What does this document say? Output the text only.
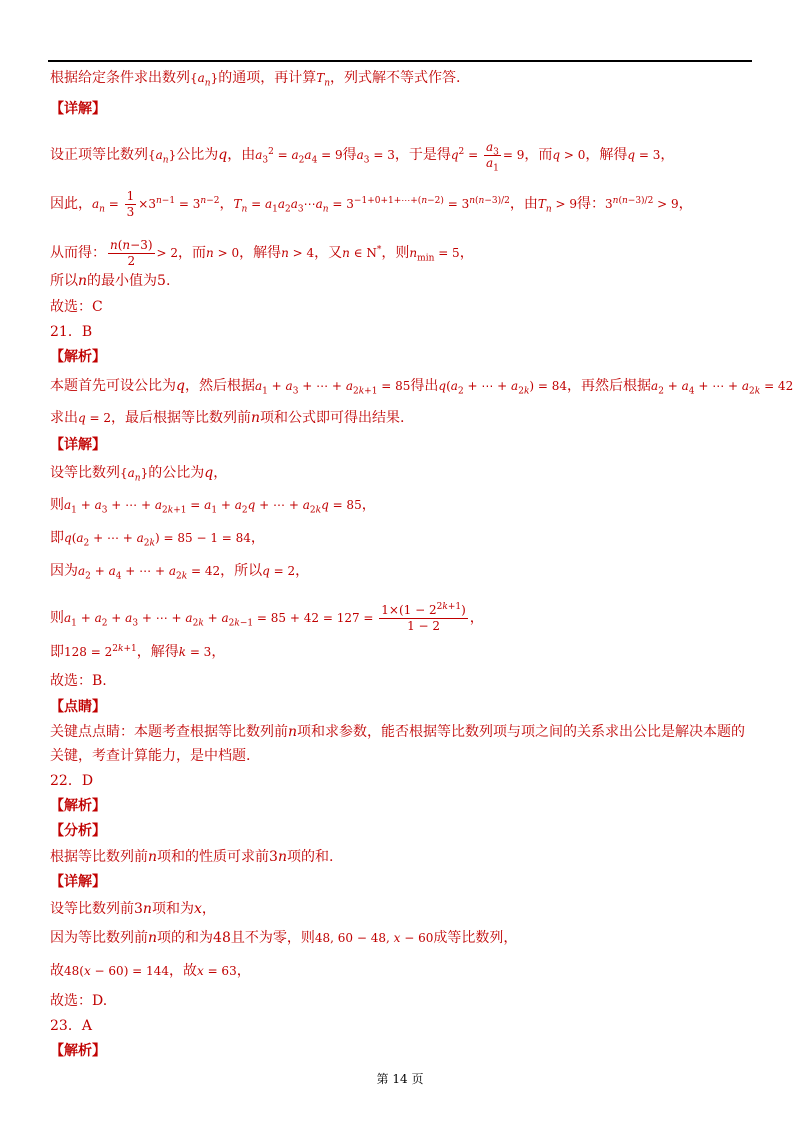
根据给定条件求出数列$\{a_n\}$的通项，再计算$T_n$，列式解不等式作答.
【详解】
设正项等比数列$\{a_n\}$公比为q，由$a_3^2 = a_2a_4 = 9$得$a_3 = 3$，于是得$q^2 = \frac{a_3}{a_1} = 9$，而q > 0，解得q = 3，
因此，$a_n = \frac{1}{3} \times 3^{n-1} = 3^{n-2}$，$T_n$ = $a_1a_2a_3\cdots a_n = 3^{-1+0+1+\cdots+(n-2)} = 3^{n(n-3)/2}$，由$T_n > 9$得：$3^{n(n-3)/2} > 9$，
从而得： $\frac{n(n-3)}{2} > 2$，而n > 0，解得n > 4，又n ∈ N*，则$n_{min} = 5$，
所以n的最小值为5.
故选：C
21．B
【解析】
本题首先可设公比为q，然后根据$a_1 + a_3$ + ⋯ + $a_{2k+1} = 85$得出$q(a_2$ + ⋯ + $a_{2k}) = 84$，再然后根据$a_2 + a_4$ + ⋯ + $a_{2k} = 42$
求出q = 2，最后根据等比数列前n项和公式即可得出结果.
【详解】
设等比数列$\{a_n\}$的公比为q，
则$a_1 + a_3$ + ⋯ + $a_{2k+1} = a_1 + a_2q$ + ⋯ + $a_{2k}q = 85$，
即$q(a_2$ + ⋯ + $a_{2k}) = 85 - 1 = 84$，
因为$a_2 + a_4$ + ⋯ + $a_{2k} = 42$，所以q = 2，
则$a_1 + a_2 + a_3$ + ⋯ + $a_{2k} + a_{2k-1} = 85 + 42 = 127 = \frac{1\times(1 - 2^{2k+1})}{1 - 2}$ ，
即$128 = 2^{2k+1}$，解得k = 3，
故选：B.
【点睛】
关键点点睛：本题考查根据等比数列前n项和求参数，能否根据等比数列项与项之间的关系求出公比是解决本题的
关键，考查计算能力，是中档题.
22．D
【解析】
【分析】
根据等比数列前n项和的性质可求前3n项的和.
【详解】
设等比数列前3n项和为x，
因为等比数列前n项的和为48且不为零，则48, 60 − 48, x − 60成等比数列，
故48(x − 60) = 144，故x = 63，
故选：D.
23．A
【解析】
第 14 页
